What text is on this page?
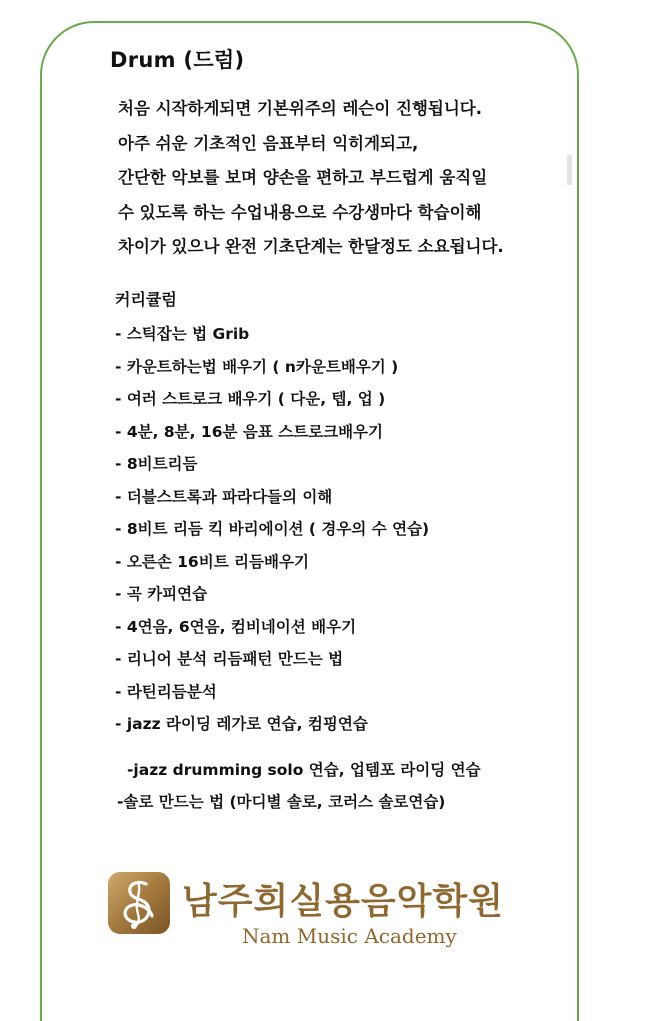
Drum (드럼)
처음 시작하게되면 기본위주의 레슨이 진행됩니다.
아주 쉬운 기초적인 음표부터 익히게되고,
간단한 악보를 보며 양손을 편하고 부드럽게 움직일
수 있도록 하는 수업내용으로 수강생마다 학습이해
차이가 있으나 완전 기초단계는 한달정도 소요됩니다.
커리큘럼
- 스틱잡는 법 Grib
- 카운트하는법 배우기 ( n카운트배우기 )
- 여러 스트로크 배우기 ( 다운, 텝, 업 )
- 4분, 8분, 16분 음표 스트로크배우기
- 8비트리듬
- 더블스트록과 파라다들의 이해
- 8비트 리듬 킥 바리에이션 ( 경우의 수 연습)
- 오른손 16비트 리듬배우기
- 곡 카피연습
- 4연음, 6연음, 컴비네이션 배우기
- 리니어 분석 리듬패턴 만드는 법
- 라틴리듬분석
- jazz 라이딩 레가로 연습, 컴핑연습
-jazz drumming solo 연습, 업템포 라이딩 연습
-솔로 만드는 법 (마디별 솔로, 코러스 솔로연습)
남주희실용음악학원
Nam Music Academy
